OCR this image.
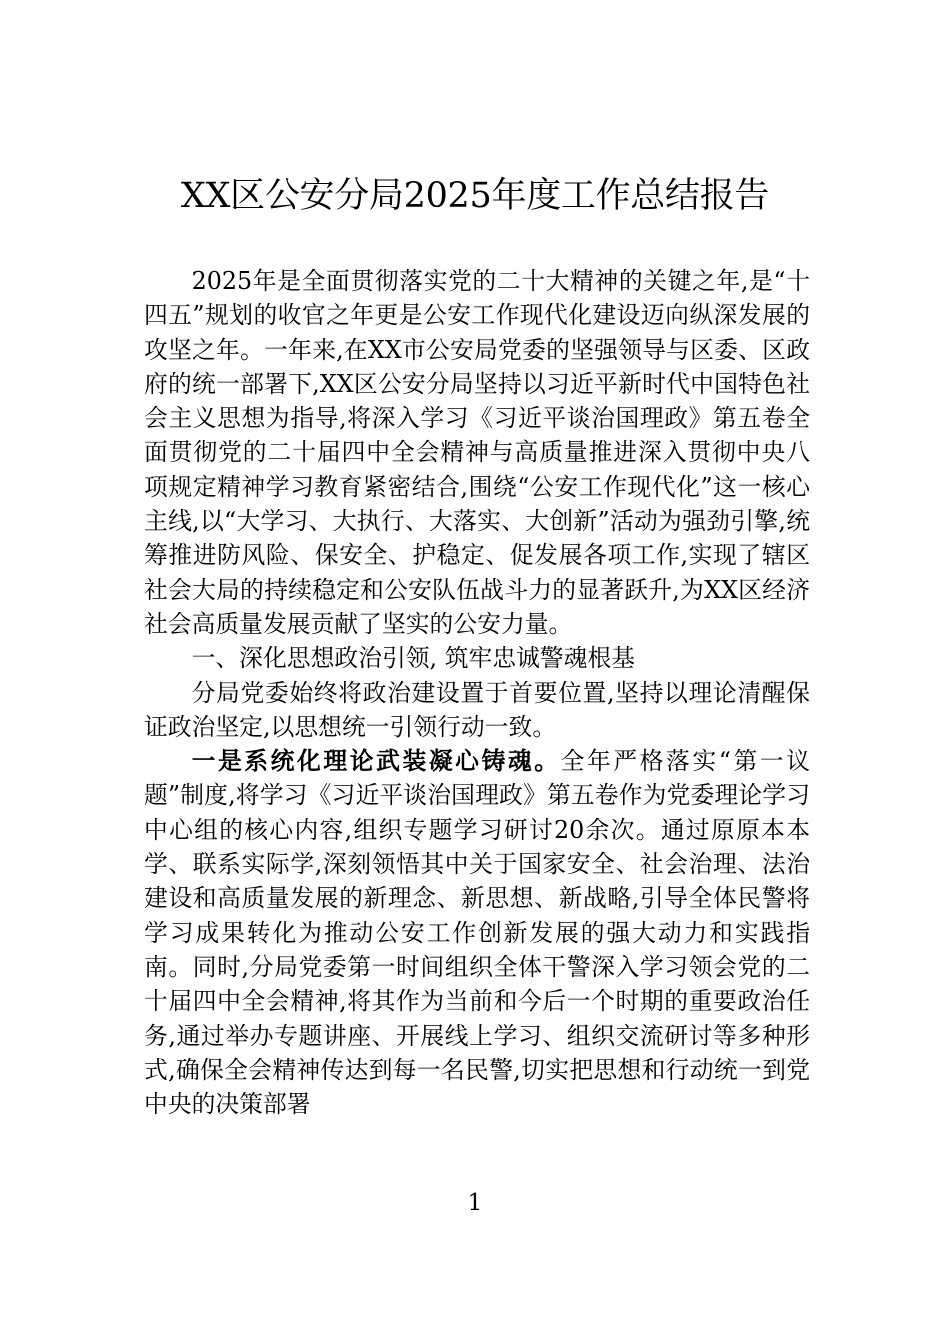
XX区公安分局2025年度工作总结报告

2025年是全面贯彻落实党的二十大精神的关键之年,是“十四五”规划的收官之年更是公安工作现代化建设迈向纵深发展的攻坚之年。一年来,在XX市公安局党委的坚强领导与区委、区政府的统一部署下,XX区公安分局坚持以习近平新时代中国特色社会主义思想为指导,将深入学习《习近平谈治国理政》第五卷全面贯彻党的二十届四中全会精神与高质量推进深入贯彻中央八项规定精神学习教育紧密结合,围绕“公安工作现代化”这一核心主线,以“大学习、大执行、大落实、大创新”活动为强劲引擎,统筹推进防风险、保安全、护稳定、促发展各项工作,实现了辖区社会大局的持续稳定和公安队伍战斗力的显著跃升,为XX区经济社会高质量发展贡献了坚实的公安力量。

一、深化思想政治引领, 筑牢忠诚警魂根基

分局党委始终将政治建设置于首要位置,坚持以理论清醒保证政治坚定,以思想统一引领行动一致。

一是系统化理论武装凝心铸魂。全年严格落实“第一议题”制度,将学习《习近平谈治国理政》第五卷作为党委理论学习中心组的核心内容,组织专题学习研讨20余次。通过原原本本学、联系实际学,深刻领悟其中关于国家安全、社会治理、法治建设和高质量发展的新理念、新思想、新战略,引导全体民警将学习成果转化为推动公安工作创新发展的强大动力和实践指南。同时,分局党委第一时间组织全体干警深入学习领会党的二十届四中全会精神,将其作为当前和今后一个时期的重要政治任务,通过举办专题讲座、开展线上学习、组织交流研讨等多种形式,确保全会精神传达到每一名民警,切实把思想和行动统一到党中央的决策部署

1
